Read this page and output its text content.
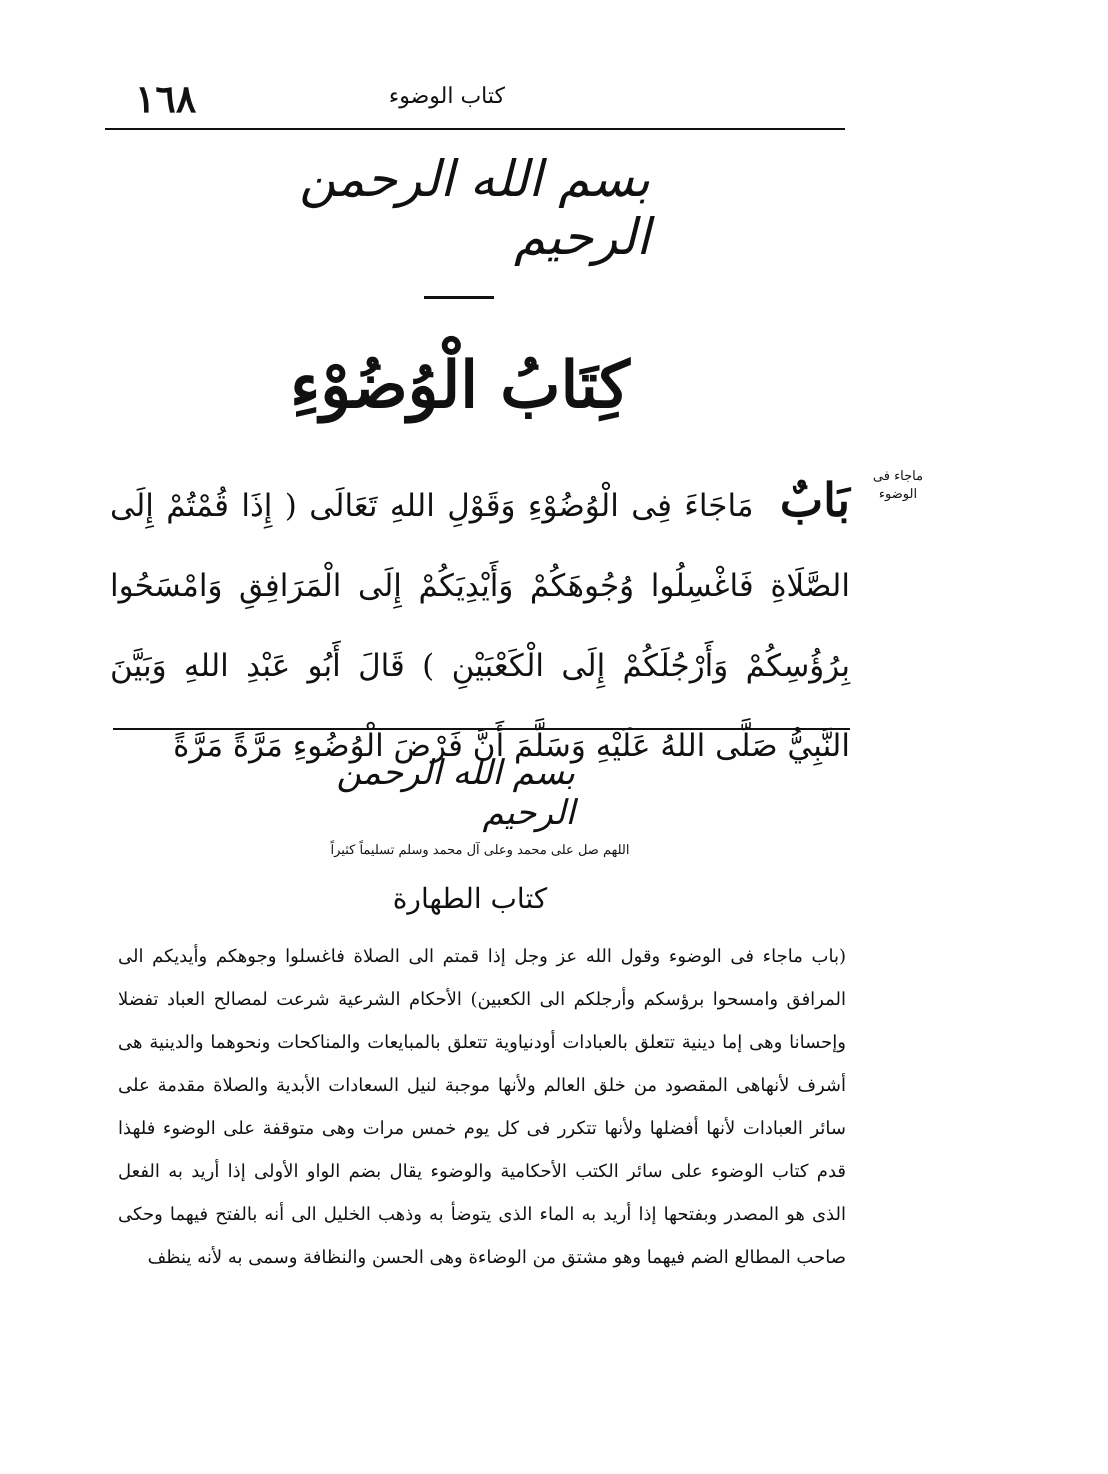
١٦٨	كتاب الوضوء
بسم الله الرحمن الرحيم
كِتَابُ الْوُضُوْءِ
ماجاء فى الوضوء
بَابٌ مَاجَاءَ فِى الْوُضُوْءِ وَقَوْلِ اللهِ تَعَالَى ( إِذَا قُمْتُمْ إِلَى الصَّلَاةِ فَاغْسِلُوا وُجُوهَكُمْ وَأَيْدِيَكُمْ إِلَى الْمَرَافِقِ وَامْسَحُوا بِرُؤُسِكُمْ وَأَرْجُلَكُمْ إِلَى الْكَعْبَيْنِ ) قَالَ أَبُو عَبْدِ اللهِ وَبَيَّنَ النَّبِيُّ صَلَّى اللهُ عَلَيْهِ وَسَلَّمَ أَنَّ فَرْضَ الْوُضُوءِ مَرَّةً مَرَّةً
بسم الله الرحمن الرحيم
اللهم صل على محمد وعلى آل محمد وسلم تسليماً كثيراً
كتاب الطهارة
(باب ماجاء فى الوضوء وقول الله عز وجل إذا قمتم الى الصلاة فاغسلوا وجوهكم وأيديكم الى المرافق وامسحوا برؤسكم وأرجلكم الى الكعبين) الأحكام الشرعية شرعت لمصالح العباد تفضلا وإحسانا وهى إما دينية تتعلق بالعبادات أودنياوية تتعلق بالمبايعات والمناكحات ونحوهما والدينية هى أشرف لأنهاهى المقصود من خلق العالم ولأنها موجبة لنيل السعادات الأبدية والصلاة مقدمة على سائر العبادات لأنها أفضلها ولأنها تتكرر فى كل يوم خمس مرات وهى متوقفة على الوضوء فلهذا قدم كتاب الوضوء على سائر الكتب الأحكامية والوضوء يقال بضم الواو الأولى إذا أريد به الفعل الذى هو المصدر وبفتحها إذا أريد به الماء الذى يتوضأ به وذهب الخليل الى أنه بالفتح فيهما وحكى صاحب المطالع الضم فيهما وهو مشتق من الوضاءة وهى الحسن والنظافة وسمى به لأنه ينظف
